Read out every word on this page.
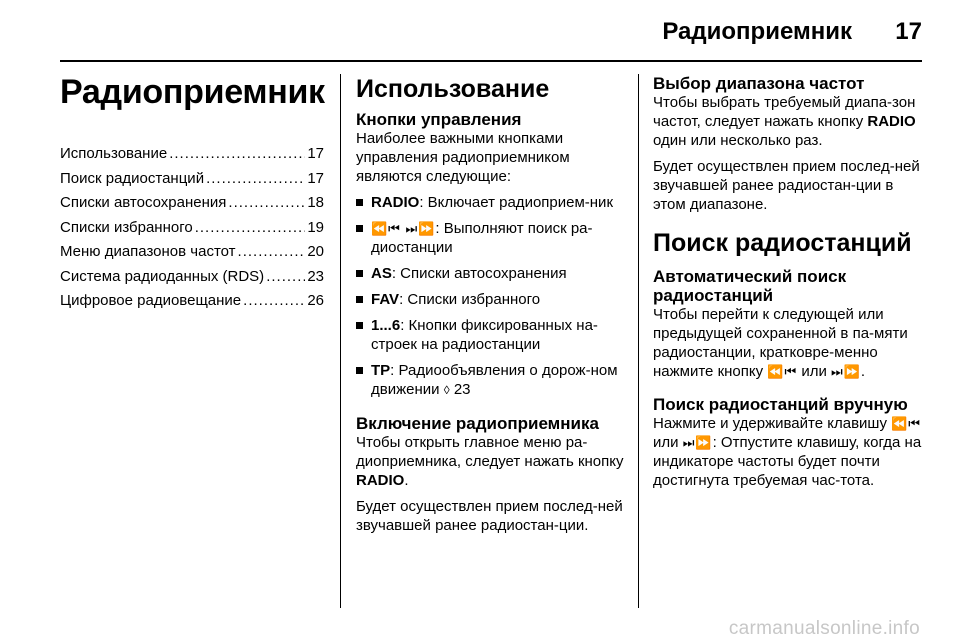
Радиоприемник 17
Радиоприемник
Использование .....	17
Поиск радиостанций .....	17
Списки автосохранения .....	18
Списки избранного .....	19
Меню диапазонов частот .....	20
Система радиоданных (RDS) .....	23
Цифровое радиовещание .....	26
Использование
Кнопки управления

Наиболее важными кнопками управления радиоприемником являются следующие:

RADIO: Включает радиоприем-ник
⏪⏮ ⏭⏩: Выполняют поиск ра-диостанции
AS: Списки автосохранения
FAV: Списки избранного
1...6: Кнопки фиксированных на-строек на радиостанции
TP: Радиообъявления о дорож-ном движении ◊ 23
Включение радиоприемника

Чтобы открыть главное меню ра-диоприемника, следует нажать кнопку RADIO.

Будет осуществлен прием послед-ней звучавшей ранее радиостан-ции.

Выбор диапазона частот

Чтобы выбрать требуемый диапа-зон частот, следует нажать кнопку RADIO один или несколько раз.

Будет осуществлен прием послед-ней звучавшей ранее радиостан-ции в этом диапазоне.

Поиск радиостанций
Автоматический поиск радиостанций

Чтобы перейти к следующей или предыдущей сохраненной в па-мяти радиостанции, кратковре-менно нажмите кнопку ⏪⏮ или ⏭⏩.

Поиск радиостанций вручную

Нажмите и удерживайте клавишу ⏪⏮ или ⏭⏩: Отпустите клавишу, когда на индикаторе частоты будет почти достигнута требуемая час-тота.

carmanualsonline.info
